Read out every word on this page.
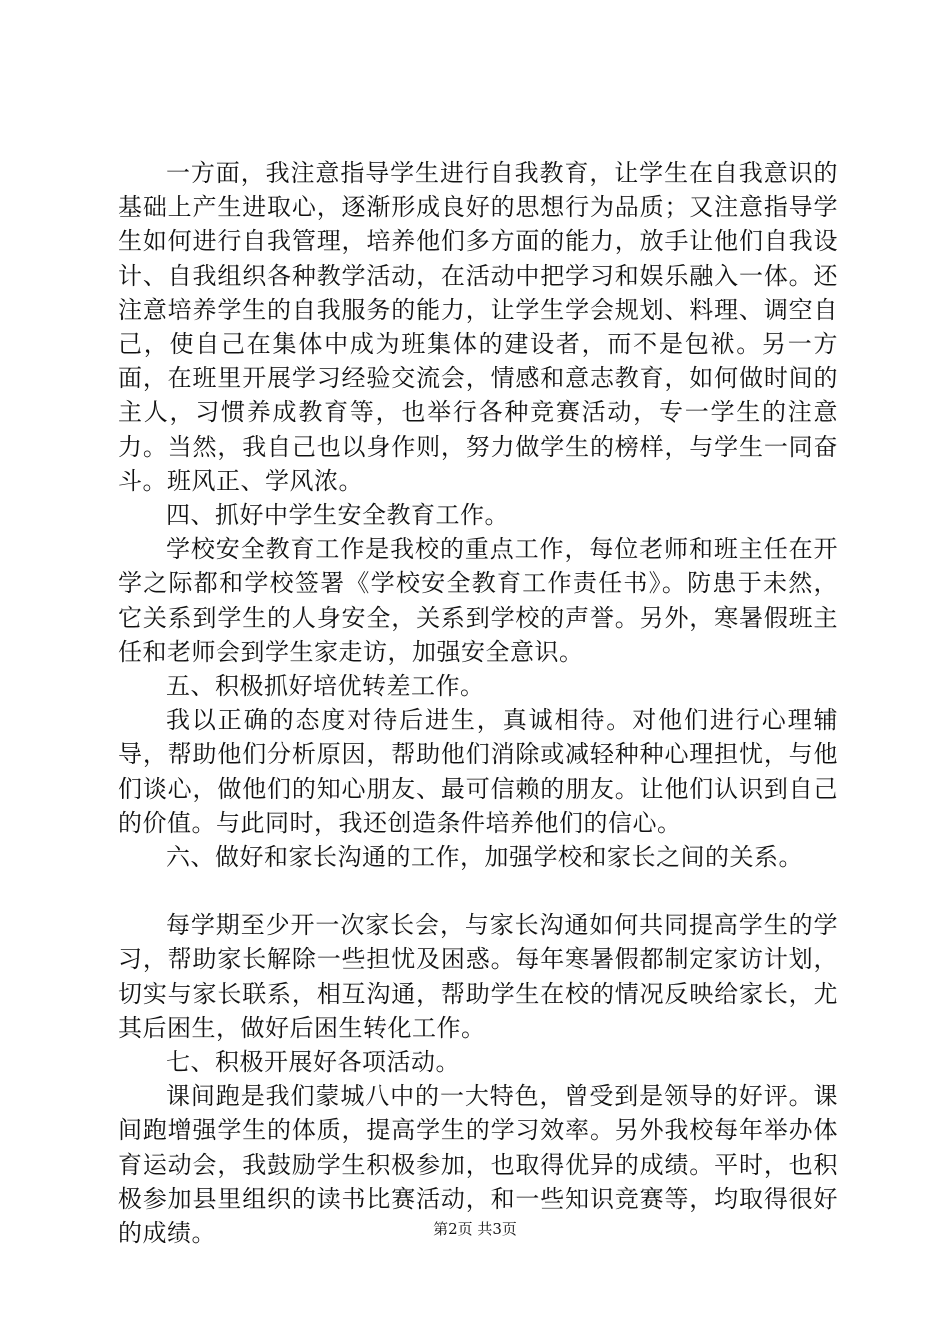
一方面，我注意指导学生进行自我教育，让学生在自我意识的基础上产生进取心，逐渐形成良好的思想行为品质；又注意指导学生如何进行自我管理，培养他们多方面的能力，放手让他们自我设计、自我组织各种教学活动，在活动中把学习和娱乐融入一体。还注意培养学生的自我服务的能力，让学生学会规划、料理、调空自己，使自己在集体中成为班集体的建设者，而不是包袱。另一方面，在班里开展学习经验交流会，情感和意志教育，如何做时间的主人，习惯养成教育等，也举行各种竞赛活动，专一学生的注意力。当然，我自己也以身作则，努力做学生的榜样，与学生一同奋斗。班风正、学风浓。

四、抓好中学生安全教育工作。

学校安全教育工作是我校的重点工作，每位老师和班主任在开学之际都和学校签署《学校安全教育工作责任书》。防患于未然，它关系到学生的人身安全，关系到学校的声誉。另外，寒暑假班主任和老师会到学生家走访，加强安全意识。

五、积极抓好培优转差工作。

我以正确的态度对待后进生，真诚相待。对他们进行心理辅导，帮助他们分析原因，帮助他们消除或减轻种种心理担忧，与他们谈心，做他们的知心朋友、最可信赖的朋友。让他们认识到自己的价值。与此同时，我还创造条件培养他们的信心。

六、做好和家长沟通的工作，加强学校和家长之间的关系。

每学期至少开一次家长会，与家长沟通如何共同提高学生的学习，帮助家长解除一些担忧及困惑。每年寒暑假都制定家访计划，切实与家长联系，相互沟通，帮助学生在校的情况反映给家长，尤其后困生，做好后困生转化工作。

七、积极开展好各项活动。

课间跑是我们蒙城八中的一大特色，曾受到是领导的好评。课间跑增强学生的体质，提高学生的学习效率。另外我校每年举办体育运动会，我鼓励学生积极参加，也取得优异的成绩。平时，也积极参加县里组织的读书比赛活动，和一些知识竞赛等，均取得很好的成绩。	第2页 共3页
